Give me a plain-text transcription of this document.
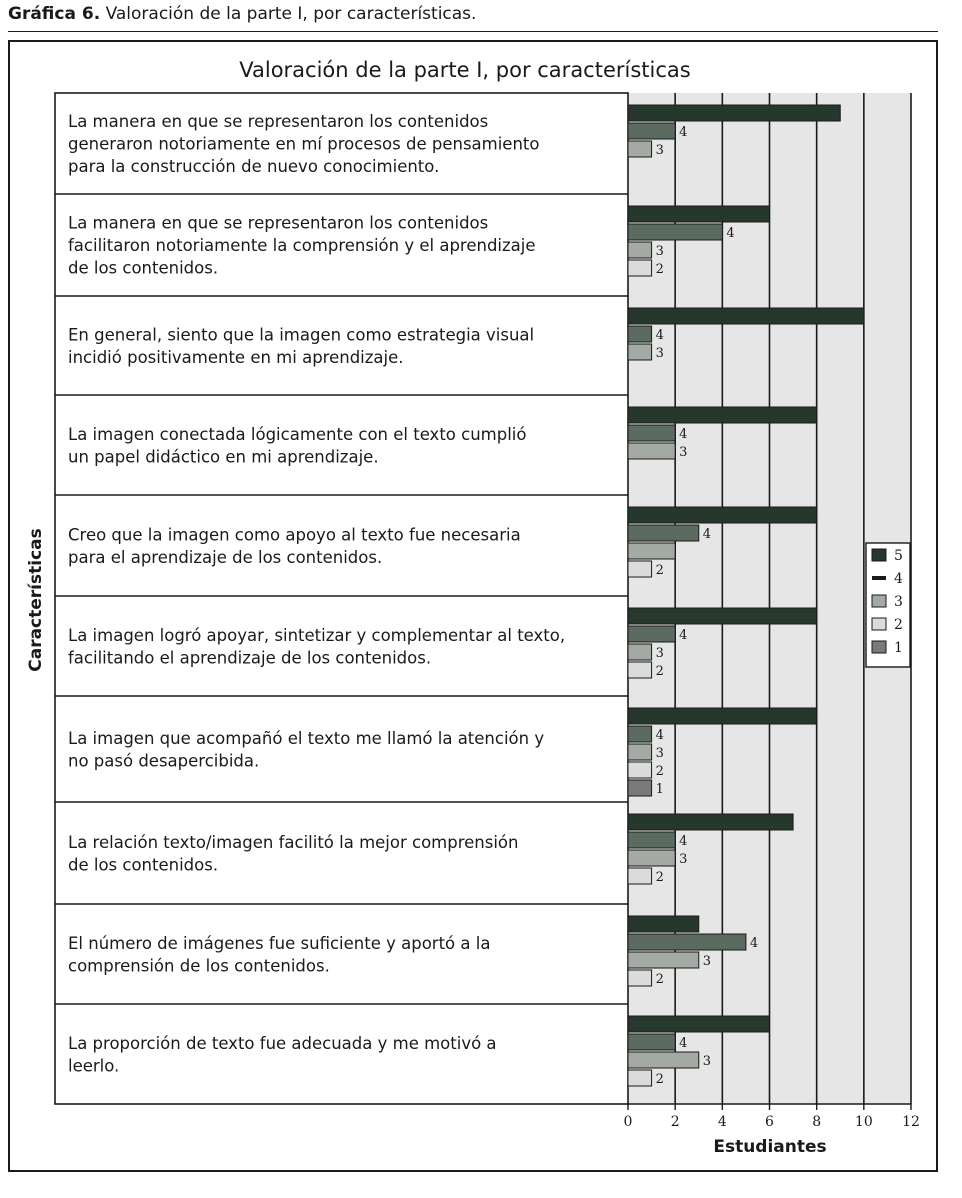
Gráfica 6. Valoración de la parte I, por características.
Valoración de la parte I, por características
Características
La manera en que se representaron los contenidos generaron notoriamente en mí procesos de pensamiento para la construcción de nuevo conocimiento.
4
3
La manera en que se representaron los contenidos facilitaron notoriamente la comprensión y el aprendizaje de los contenidos.
4
3
2
En general, siento que la imagen como estrategia visual incidió positivamente en mi aprendizaje.
4
3
La imagen conectada lógicamente con el texto cumplió un papel didáctico en mi aprendizaje.
4
3
Creo que la imagen como apoyo al texto fue necesaria para el aprendizaje de los contenidos.
4
2
La imagen logró apoyar, sintetizar y complementar al texto, facilitando el aprendizaje de los contenidos.
4
3
2
La imagen que acompañó el texto me llamó la atención y no pasó desapercibida.
4
3
2
1
La relación texto/imagen facilitó la mejor comprensión de los contenidos.
4
3
2
El número de imágenes fue suficiente y aportó a la comprensión de los contenidos.
4
3
2
La proporción de texto fue adecuada y me motivó a leerlo.
4
3
2
0	2	4	6	8 10 12
Estudiantes
5
4
3
2
1
